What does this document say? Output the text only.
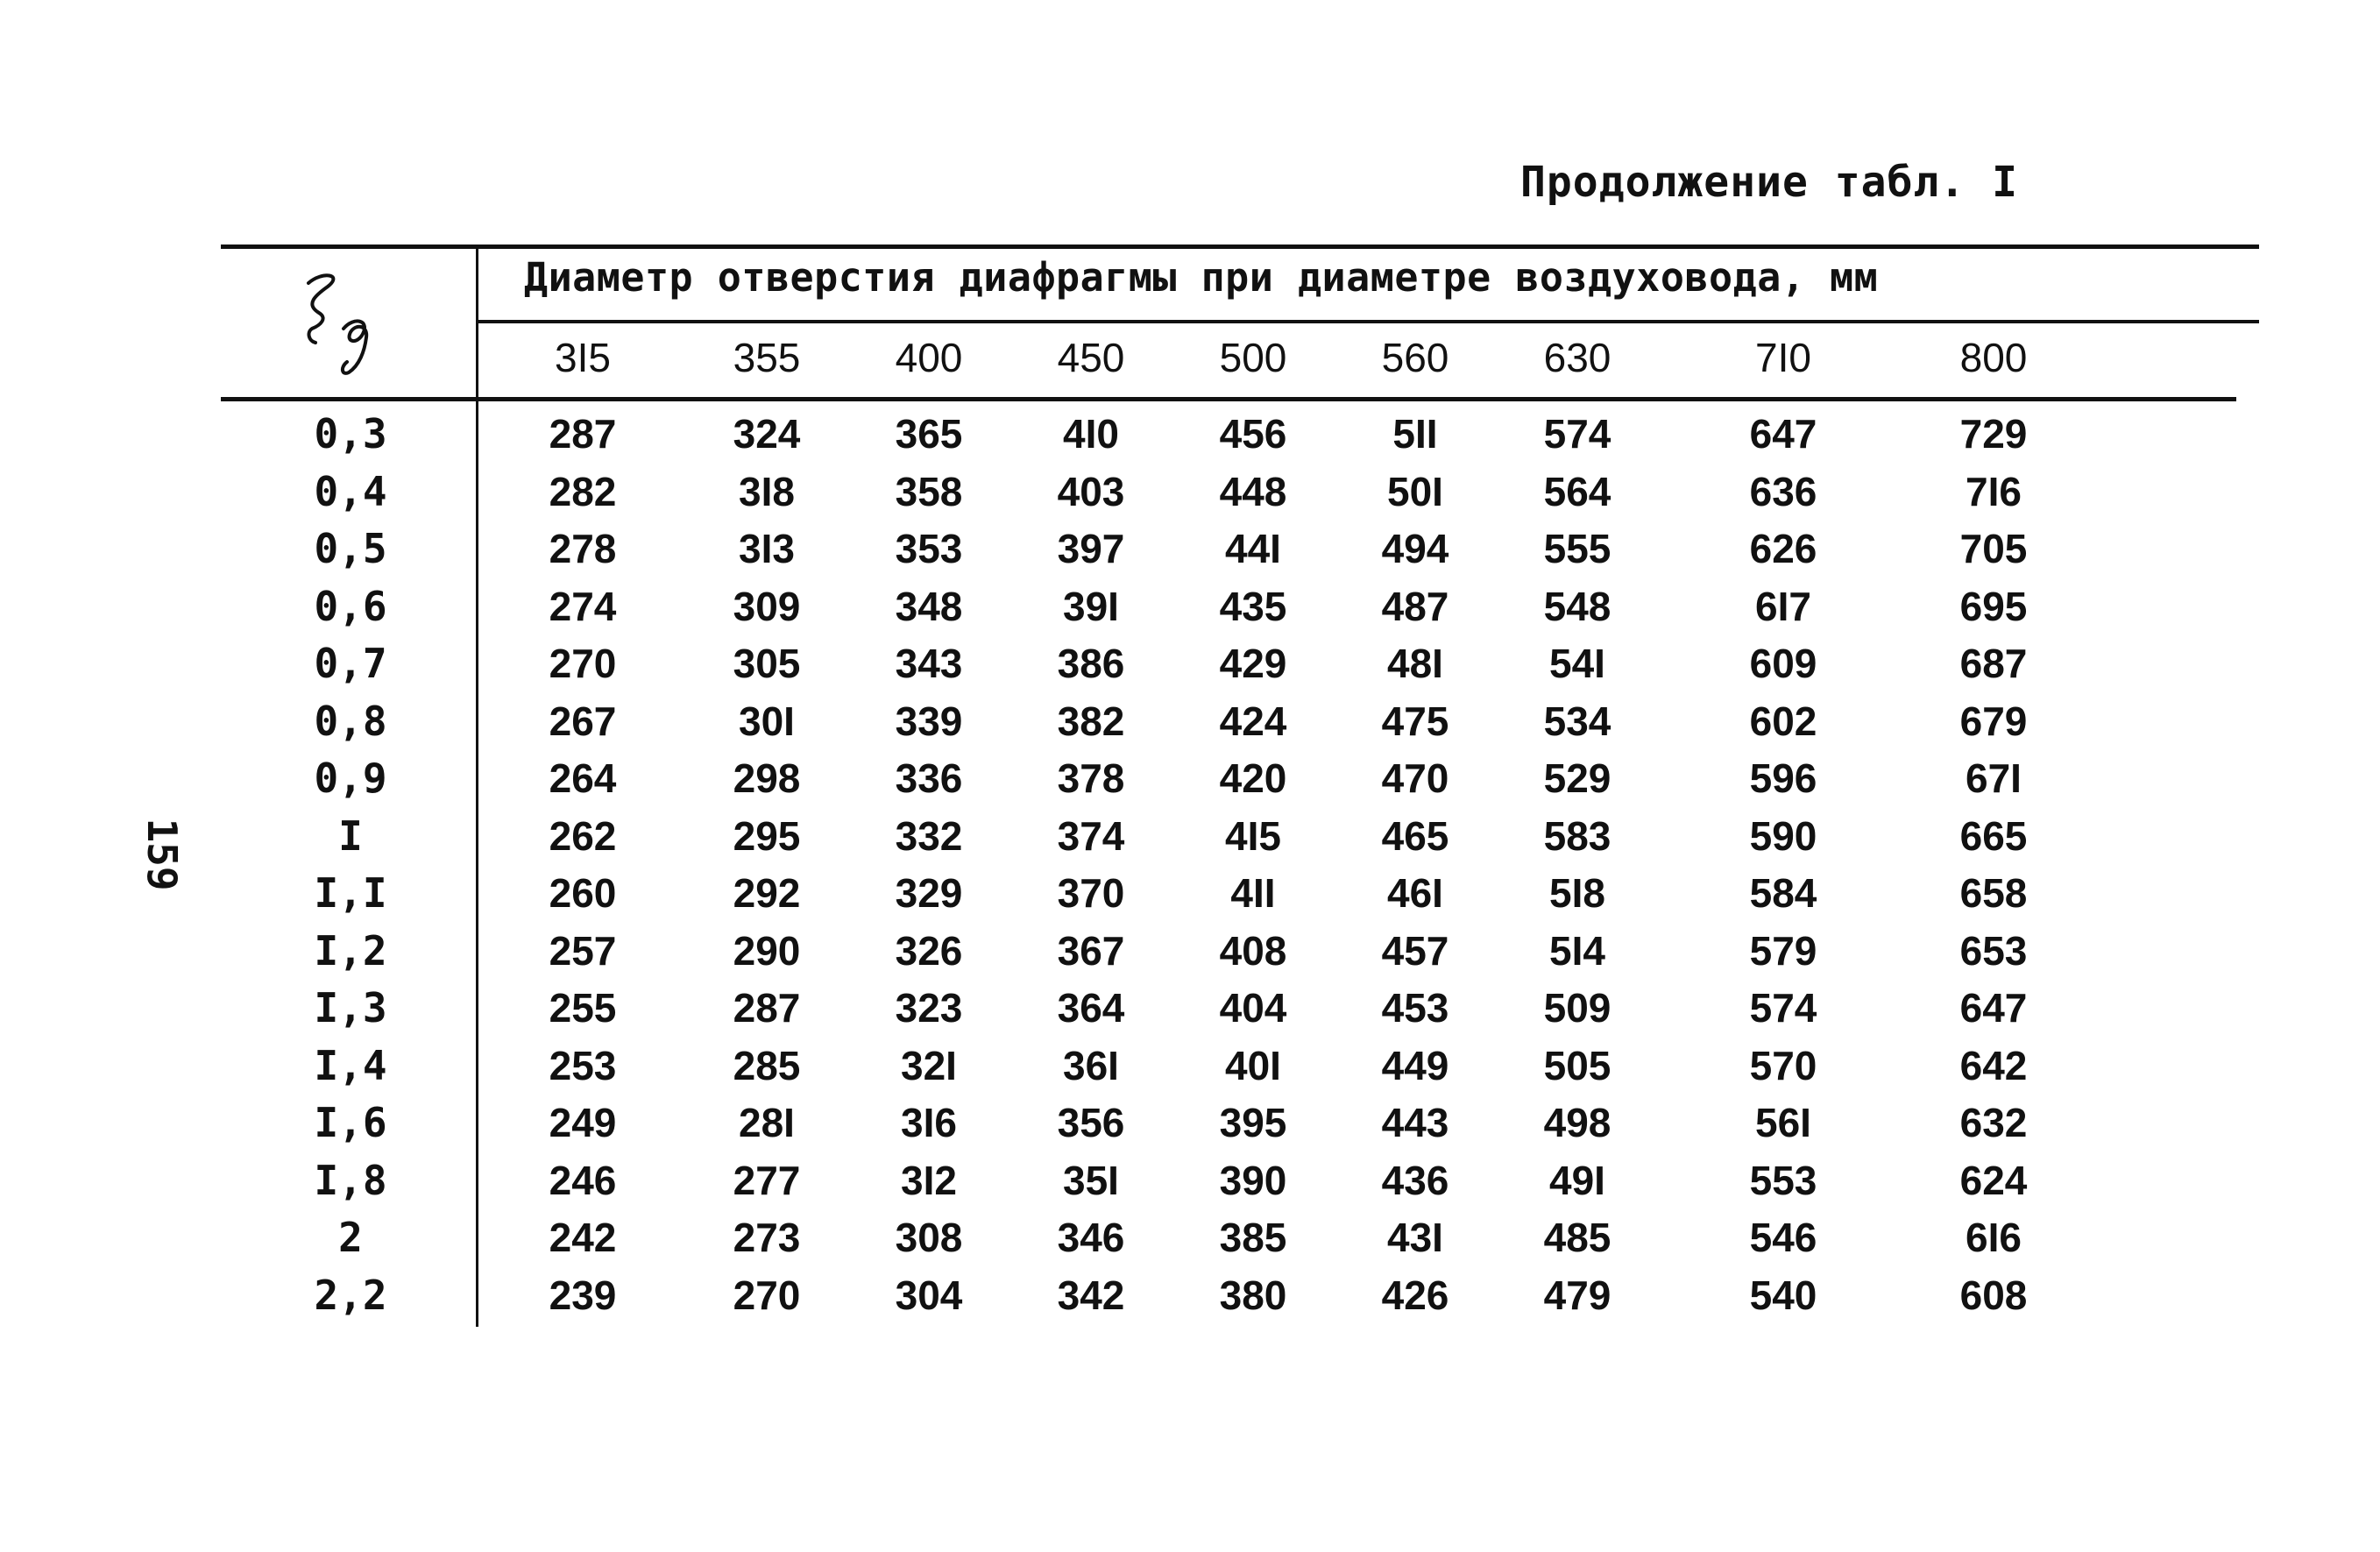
Продолжение табл. I
159
Диаметр отверстия диафрагмы при диаметре воздуховода, мм
3I5	355	400	450	500	560	630	7I0	800
0,3	287	324	365	4I0	456	5II	574	647	729
0,4	282	3I8	358	403	448	50I	564	636	7I6
0,5	278	3I3	353	397	44I	494	555	626	705
0,6	274	309	348	39I	435	487	548	6I7	695
0,7	270	305	343	386	429	48I	54I	609	687
0,8	267	30I	339	382	424	475	534	602	679
0,9	264	298	336	378	420	470	529	596	67I
I	262	295	332	374	4I5	465	583	590	665
I,I	260	292	329	370	4II	46I	5I8	584	658
I,2	257	290	326	367	408	457	5I4	579	653
I,3	255	287	323	364	404	453	509	574	647
I,4	253	285	32I	36I	40I	449	505	570	642
I,6	249	28I	3I6	356	395	443	498	56I	632
I,8	246	277	3I2	35I	390	436	49I	553	624
2	242	273	308	346	385	43I	485	546	6I6
2,2	239	270	304	342	380	426	479	540	608
